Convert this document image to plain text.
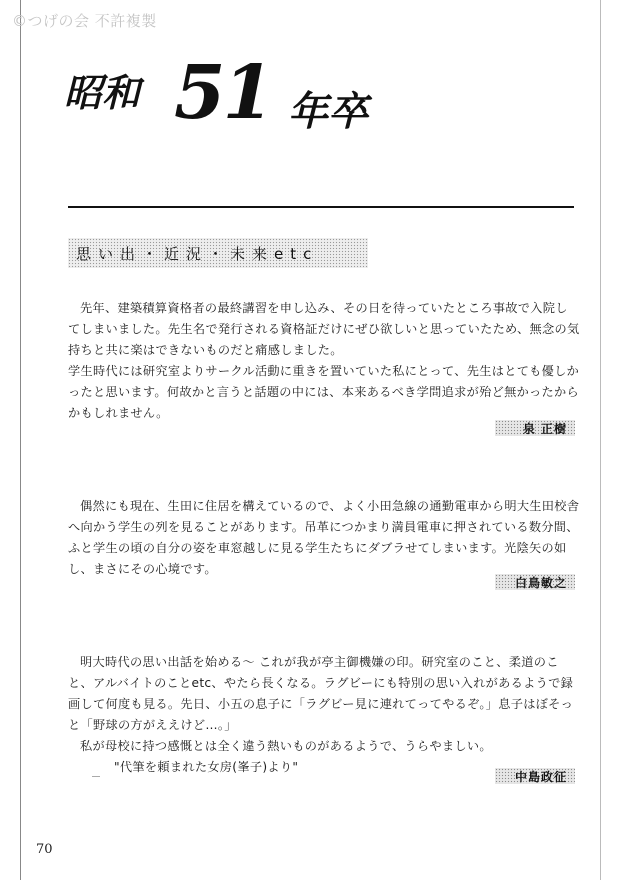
©つげの会 不許複製
昭和 51 年卒
思い出・近況・未来etc

先年、建築積算資格者の最終講習を申し込み、その日を待っていたところ事故で入院してしまいました。先生名で発行される資格証だけにぜひ欲しいと思っていたため、無念の気持ちと共に楽はできないものだと痛感しました。

学生時代には研究室よりサークル活動に重きを置いていた私にとって、先生はとても優しかったと思います。何故かと言うと話題の中には、本来あるべき学問追求が殆ど無かったからかもしれません。

泉 正樹

偶然にも現在、生田に住居を構えているので、よく小田急線の通勤電車から明大生田校舎へ向かう学生の列を見ることがあります。吊革につかまり満員電車に押されている数分間、ふと学生の頃の自分の姿を車窓越しに見る学生たちにダブラせてしまいます。光陰矢の如し、まさにその心境です。

白鳥敏之

明大時代の思い出話を始める～ これが我が亭主御機嫌の印。研究室のこと、柔道のこと、アルバイトのことetc、やたら長くなる。ラグビーにも特別の思い入れがあるようで録画して何度も見る。先日、小五の息子に「ラグビー見に連れてってやるぞ。」息子はぼそっと「野球の方がええけど…。」

私が母校に持つ感慨とは全く違う熱いものがあるようで、うらやましい。

"代筆を頼まれた女房(峯子)より"

中島政征
70
